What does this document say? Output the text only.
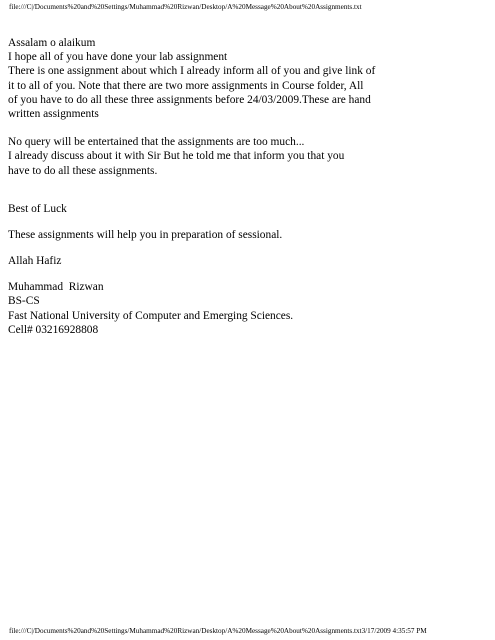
file:///C|/Documents%20and%20Settings/Muhammad%20Rizwan/Desktop/A%20Message%20About%20Assignments.txt
Assalam o alaikum
I hope all of you have done your lab assignment
There is one assignment about which I already inform all of you and give link of
it to all of you. Note that there are two more assignments in Course folder, All
of you have to do all these three assignments before 24/03/2009.These are hand
written assignments
No query will be entertained that the assignments are too much...
I already discuss about it with Sir But he told me that inform you that you
have to do all these assignments.
Best of Luck
These assignments will help you in preparation of sessional.
Allah Hafiz
Muhammad  Rizwan
BS-CS
Fast National University of Computer and Emerging Sciences.
Cell# 03216928808
file:///C|/Documents%20and%20Settings/Muhammad%20Rizwan/Desktop/A%20Message%20About%20Assignments.txt3/17/2009 4:35:57 PM
